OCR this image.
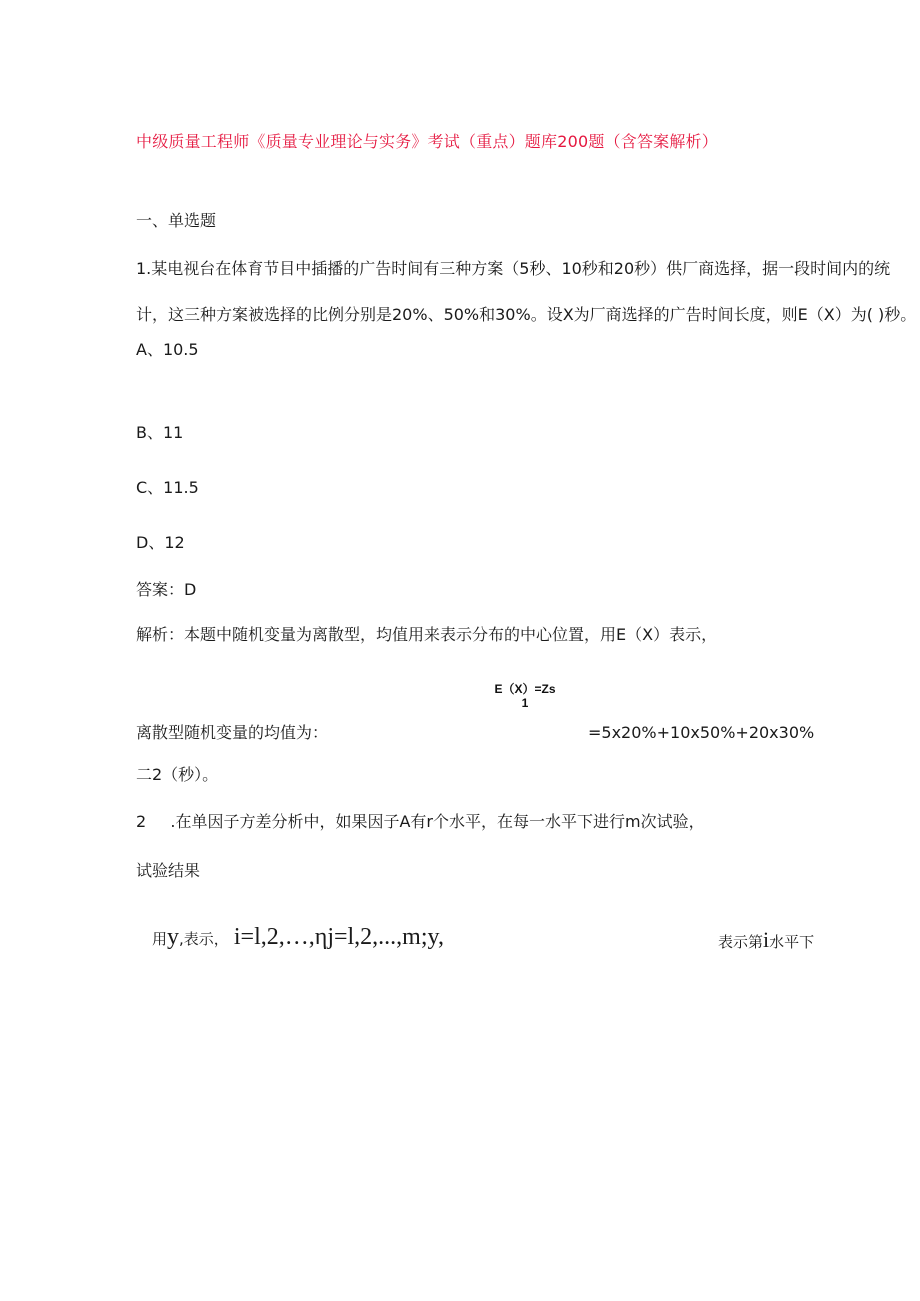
中级质量工程师《质量专业理论与实务》考试（重点）题库200题（含答案解析）
一、单选题
1.某电视台在体育节目中插播的广告时间有三种方案（5秒、10秒和20秒）供厂商选择，据一段时间内的统
计，这三种方案被选择的比例分别是20%、50%和30%。设X为厂商选择的广告时间长度，则E（X）为( )秒。
A、10.5
B、11
C、11.5
D、12
答案：D
解析：本题中随机变量为离散型，均值用来表示分布的中心位置，用E（X）表示，
E（X）=Zs
1
离散型随机变量的均值为：	=5x20%+10x50%+20x30%
二2（秒）。
2 .在单因子方差分析中，如果因子A有r个水平，在每一水平下进行m次试验，
试验结果
用y,表示， i=l,2,…,ηj=l,2,...,m;y,	表示第i水平下
